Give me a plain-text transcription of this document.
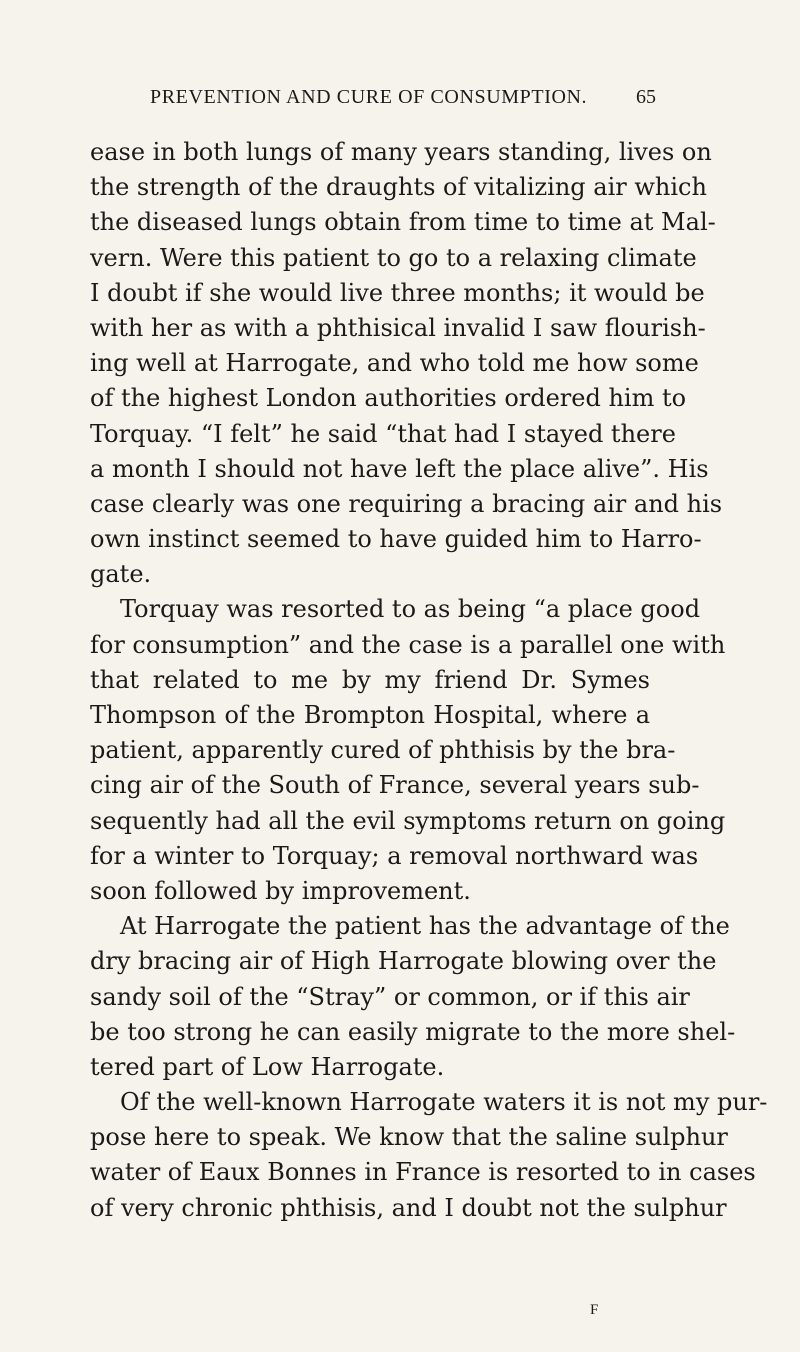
PREVENTION AND CURE OF CONSUMPTION.	65
ease in both lungs of many years standing, lives on
the strength of the draughts of vitalizing air which
the diseased lungs obtain from time to time at Mal-
vern. Were this patient to go to a relaxing climate
I doubt if she would live three months; it would be
with her as with a phthisical invalid I saw flourish-
ing well at Harrogate, and who told me how some
of the highest London authorities ordered him to
Torquay. “I felt” he said “that had I stayed there
a month I should not have left the place alive”. His
case clearly was one requiring a bracing air and his
own instinct seemed to have guided him to Harro-
gate.
Torquay was resorted to as being “a place good
for consumption” and the case is a parallel one with
that related to me by my friend Dr. Symes
Thompson of the Brompton Hospital, where a
patient, apparently cured of phthisis by the bra-
cing air of the South of France, several years sub-
sequently had all the evil symptoms return on going
for a winter to Torquay; a removal northward was
soon followed by improvement.
At Harrogate the patient has the advantage of the
dry bracing air of High Harrogate blowing over the
sandy soil of the “Stray” or common, or if this air
be too strong he can easily migrate to the more shel-
tered part of Low Harrogate.
Of the well-known Harrogate waters it is not my pur-
pose here to speak. We know that the saline sulphur
water of Eaux Bonnes in France is resorted to in cases
of very chronic phthisis, and I doubt not the sulphur
F
